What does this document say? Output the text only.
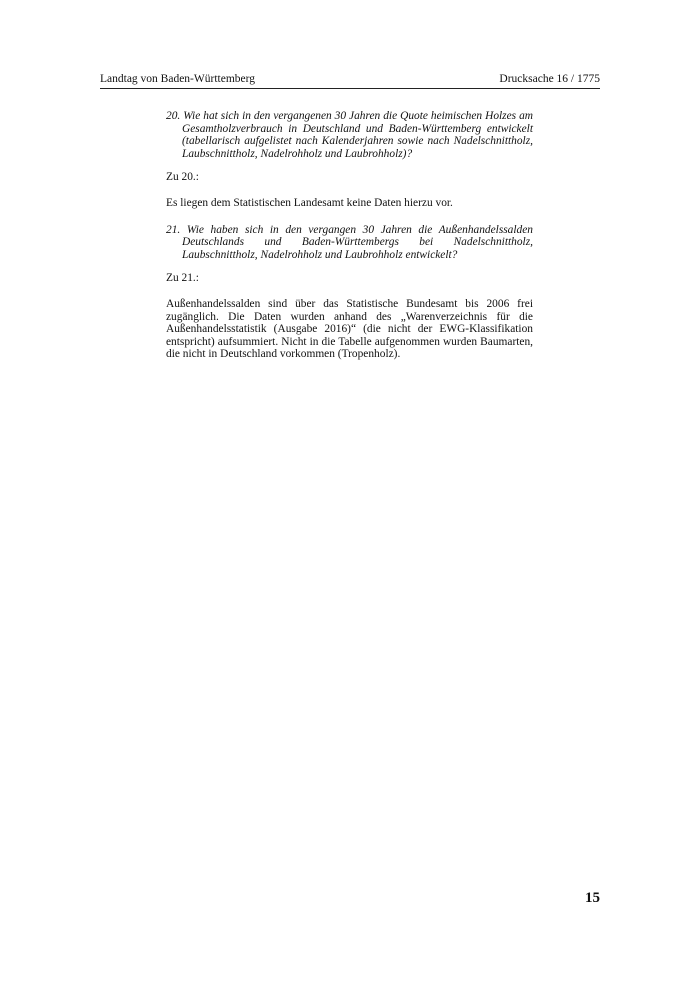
Landtag von Baden-Württemberg	Drucksache 16 / 1775

20. Wie hat sich in den vergangenen 30 Jahren die Quote heimischen Holzes am Gesamtholzverbrauch in Deutschland und Baden-Württemberg entwickelt (tabellarisch aufgelistet nach Kalenderjahren sowie nach Nadelschnittholz, Laubschnittholz, Nadelrohholz und Laubrohholz)?

Zu 20.:

Es liegen dem Statistischen Landesamt keine Daten hierzu vor.

21. Wie haben sich in den vergangen 30 Jahren die Außenhandelssalden Deutschlands und Baden-Württembergs bei Nadelschnittholz, Laubschnittholz, Nadelrohholz und Laubrohholz entwickelt?

Zu 21.:

Außenhandelssalden sind über das Statistische Bundesamt bis 2006 frei zugänglich. Die Daten wurden anhand des „Warenverzeichnis für die Außenhandelsstatistik (Ausgabe 2016)“ (die nicht der EWG-Klassifikation entspricht) aufsummiert. Nicht in die Tabelle aufgenommen wurden Baumarten, die nicht in Deutschland vorkommen (Tropenholz).

15
